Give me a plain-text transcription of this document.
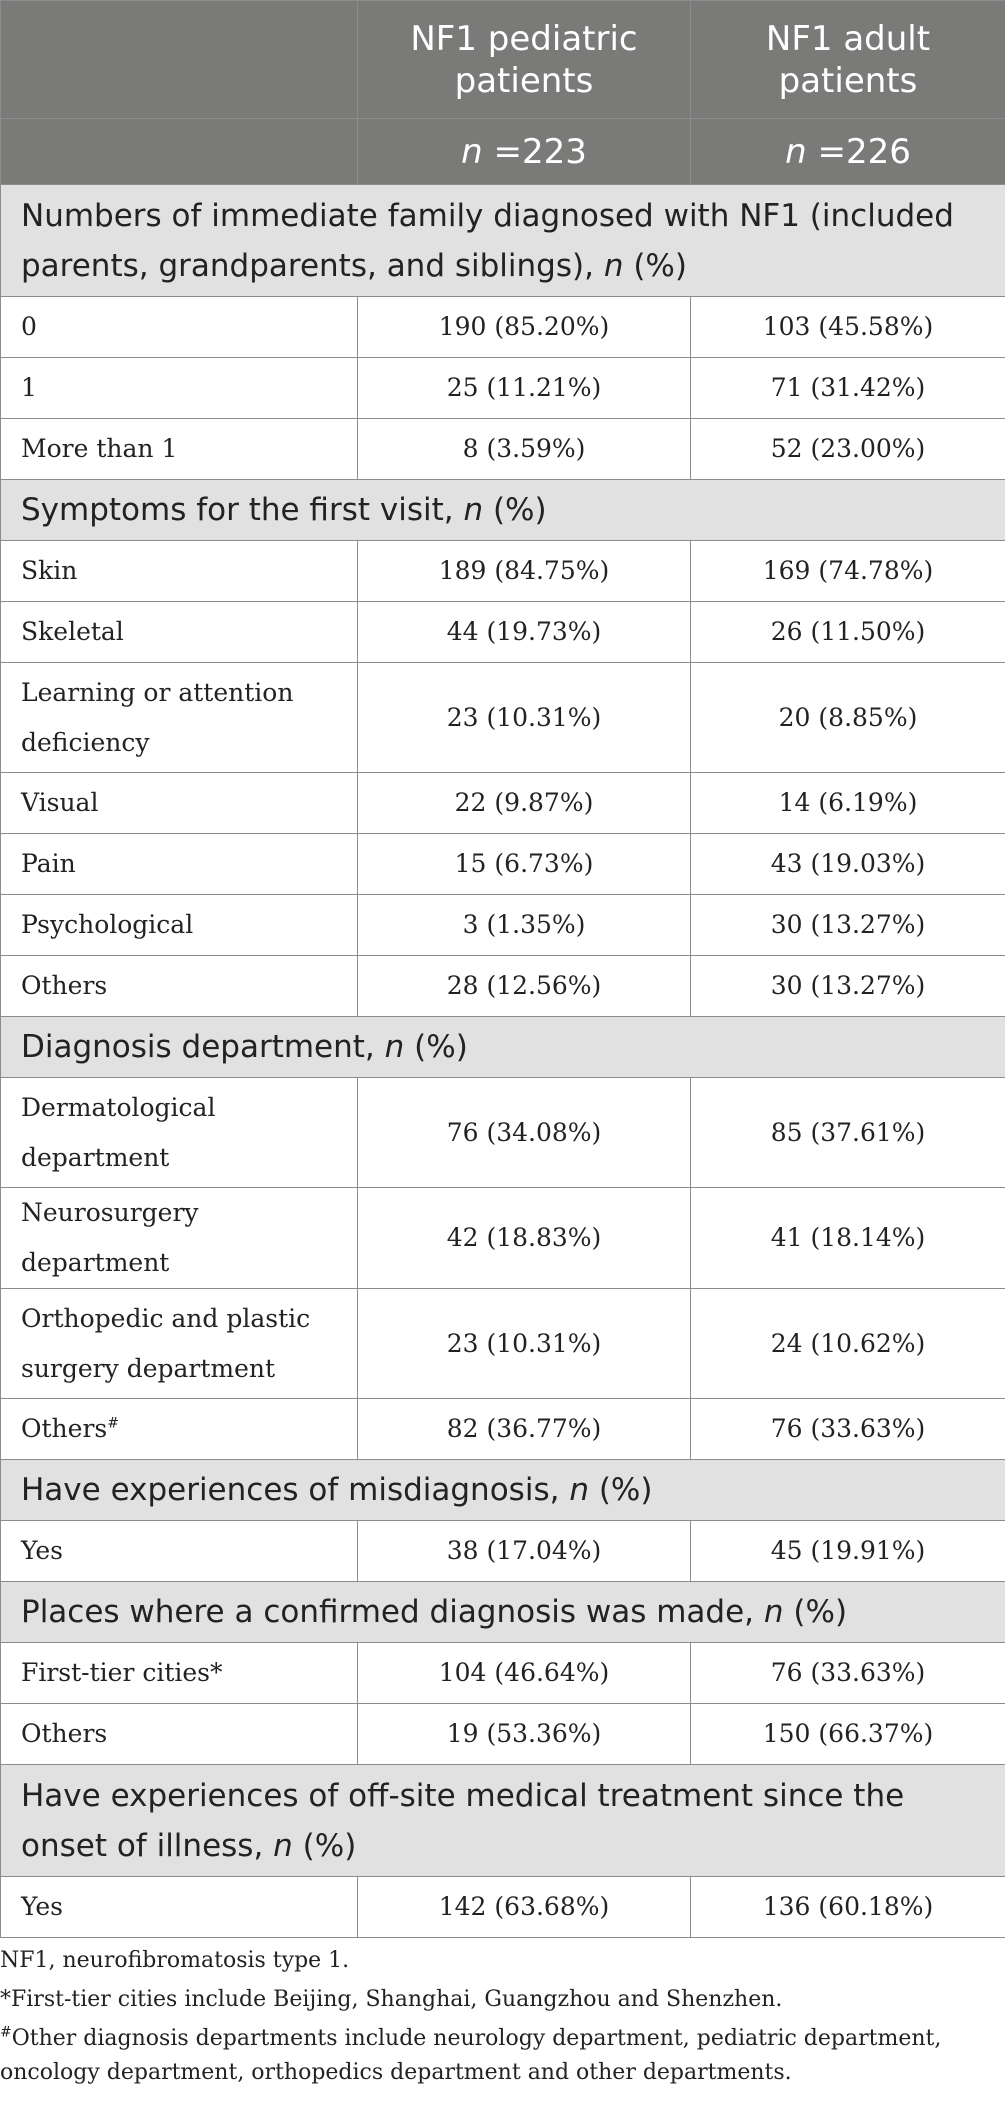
	NF1 pediatric patients	NF1 adult patients

	n =223	n =226
Numbers of immediate family diagnosed with NF1 (included parents, grandparents, and siblings), n (%)		
0	190 (85.20%)	103 (45.58%)
1	25 (11.21%)	71 (31.42%)
More than 1	8 (3.59%)	52 (23.00%)
Symptoms for the first visit, n (%)		
Skin	189 (84.75%)	169 (74.78%)
Skeletal	44 (19.73%)	26 (11.50%)
Learning or attention deficiency	23 (10.31%)	20 (8.85%)
Visual	22 (9.87%)	14 (6.19%)
Pain	15 (6.73%)	43 (19.03%)
Psychological	3 (1.35%)	30 (13.27%)
Others	28 (12.56%)	30 (13.27%)
Diagnosis department, n (%)		
Dermatological department	76 (34.08%)	85 (37.61%)
Neurosurgery department	42 (18.83%)	41 (18.14%)
Orthopedic and plastic surgery department	23 (10.31%)	24 (10.62%)
Others#	82 (36.77%)	76 (33.63%)
Have experiences of misdiagnosis, n (%)		
Yes	38 (17.04%)	45 (19.91%)
Places where a confirmed diagnosis was made, n (%)		
First-tier cities*	104 (46.64%)	76 (33.63%)
Others	19 (53.36%)	150 (66.37%)
Have experiences of off-site medical treatment since the onset of illness, n (%)		
Yes	142 (63.68%)	136 (60.18%)
NF1, neurofibromatosis type 1.
*First-tier cities include Beijing, Shanghai, Guangzhou and Shenzhen.
#Other diagnosis departments include neurology department, pediatric department, oncology department, orthopedics department and other departments.
